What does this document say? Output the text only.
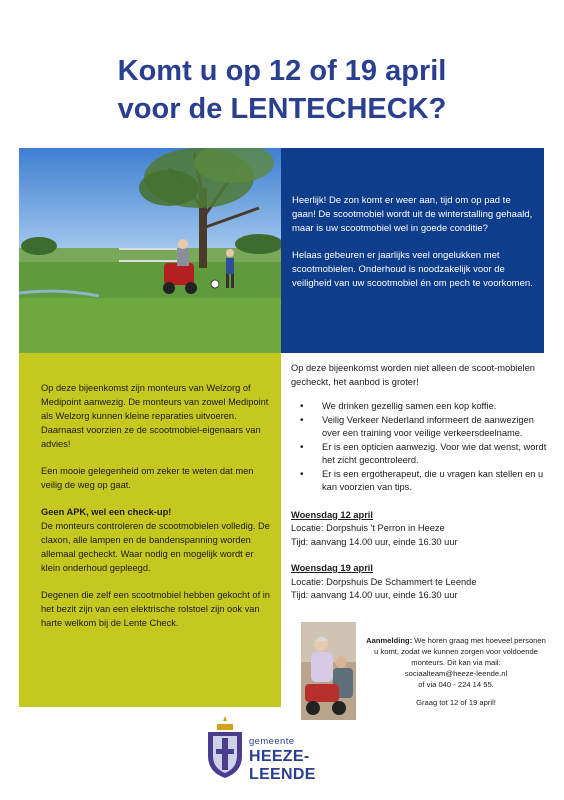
Komt u op 12 of 19 april
voor de LENTECHECK?

Heerlijk! De zon komt er weer aan, tijd om op pad te gaan! De scootmobiel wordt uit de winterstalling gehaald, maar is uw scootmobiel wel in goede conditie?

Helaas gebeuren er jaarlijks veel ongelukken met scootmobielen. Onderhoud is noodzakelijk voor de veiligheid van uw scootmobiel én om pech te voorkomen.

Op deze bijeenkomst zijn monteurs van Welzorg of Medipoint aanwezig. De monteurs van zowel Medipoint als Welzorg kunnen kleine reparaties uitvoeren. Daarnaast voorzien ze de scootmobiel-eigenaars van advies!

Een mooie gelegenheid om zeker te weten dat men veilig de weg op gaat.

Geen APK, wel een check-up!

De monteurs controleren de scootmobielen volledig. De claxon, alle lampen en de bandenspanning worden allemaal gecheckt. Waar nodig en mogelijk wordt er klein onderhoud gepleegd.

Degenen die zelf een scootmobiel hebben gekocht of in het bezit zijn van een elektrische rolstoel zijn ook van harte welkom bij de Lente Check.

Op deze bijeenkomst worden niet alleen de scoot-mobielen gecheckt, het aanbod is groter!

• We drinken gezellig samen een kop koffie.
• Veilig Verkeer Nederland informeert de aanwezigen over een training voor veilige verkeersdeelname.
• Er is een opticien aanwezig. Voor wie dat wenst, wordt het zicht gecontroleerd.
• Er is een ergotherapeut, die u vragen kan stellen en u kan voorzien van tips.
Woensdag 12 april
Locatie: Dorpshuis 't Perron in Heeze
Tijd: aanvang 14.00 uur, einde 16.30 uur
Woensdag 19 april
Locatie: Dorpshuis De Schammert te Leende
Tijd: aanvang 14.00 uur, einde 16.30 uur

Aanmelding: We horen graag met hoeveel personen u komt, zodat we kunnen zorgen voor voldoende monteurs. Dit kan via mail:
sociaalteam@heeze-leende.nl
of via 040 - 224 14 55.

Graag tot 12 of 19 april!

gemeente
HEEZE-LEENDE
